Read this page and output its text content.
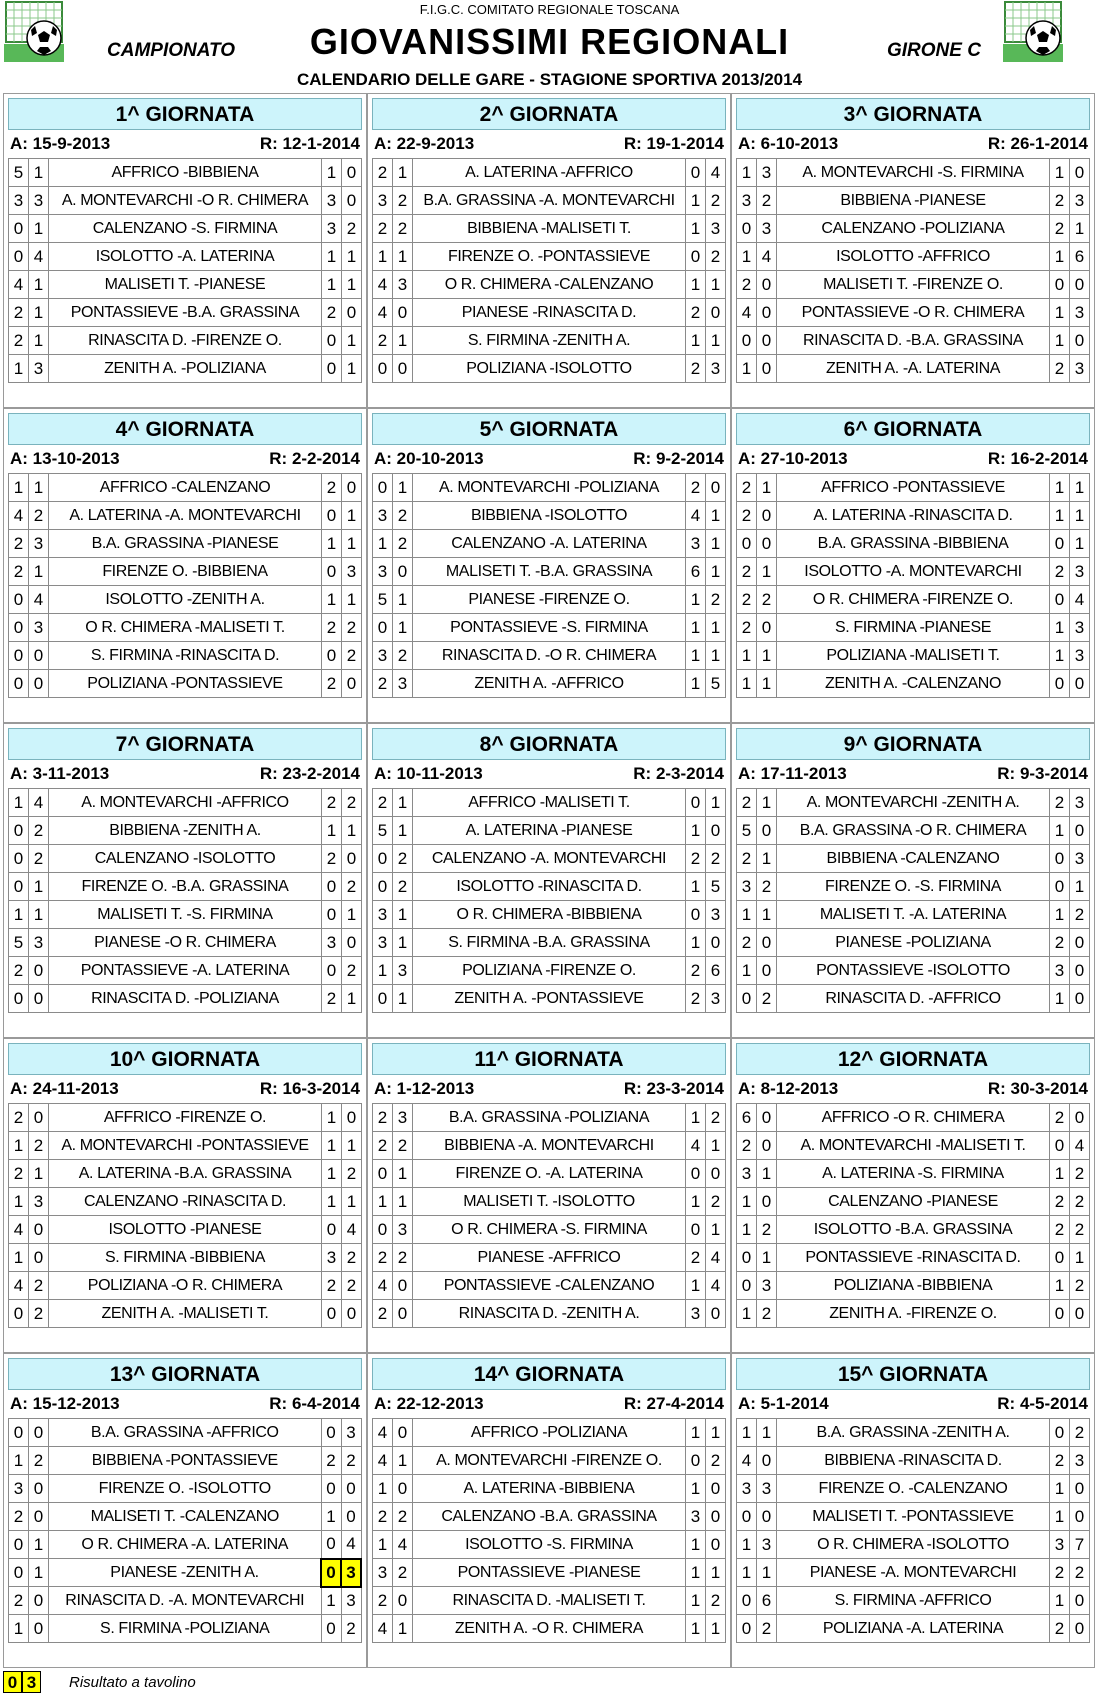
F.I.G.C. COMITATO REGIONALE TOSCANA
CAMPIONATO	GIOVANISSIMI REGIONALI	GIRONE C
CALENDARIO DELLE GARE - STAGIONE SPORTIVA 2013/2014
1^ GIORNATA
A: 15-9-2013	R: 12-1-2014
5	1	AFFRICO -BIBBIENA	1	0
3	3	A. MONTEVARCHI -O R. CHIMERA	3	0
0	1	CALENZANO -S. FIRMINA	3	2
0	4	ISOLOTTO -A. LATERINA	1	1
4	1	MALISETI T. -PIANESE	1	1
2	1	PONTASSIEVE -B.A. GRASSINA	2	0
2	1	RINASCITA D. -FIRENZE O.	0	1
1	3	ZENITH A. -POLIZIANA	0	1
2^ GIORNATA
A: 22-9-2013	R: 19-1-2014
2	1	A. LATERINA -AFFRICO	0	4
3	2	B.A. GRASSINA -A. MONTEVARCHI	1	2
2	2	BIBBIENA -MALISETI T.	1	3
1	1	FIRENZE O. -PONTASSIEVE	0	2
4	3	O R. CHIMERA -CALENZANO	1	1
4	0	PIANESE -RINASCITA D.	2	0
2	1	S. FIRMINA -ZENITH A.	1	1
0	0	POLIZIANA -ISOLOTTO	2	3
3^ GIORNATA
A: 6-10-2013	R: 26-1-2014
1	3	A. MONTEVARCHI -S. FIRMINA	1	0
3	2	BIBBIENA -PIANESE	2	3
0	3	CALENZANO -POLIZIANA	2	1
1	4	ISOLOTTO -AFFRICO	1	6
2	0	MALISETI T. -FIRENZE O.	0	0
4	0	PONTASSIEVE -O R. CHIMERA	1	3
0	0	RINASCITA D. -B.A. GRASSINA	1	0
1	0	ZENITH A. -A. LATERINA	2	3
4^ GIORNATA
A: 13-10-2013	R: 2-2-2014
1	1	AFFRICO -CALENZANO	2	0
4	2	A. LATERINA -A. MONTEVARCHI	0	1
2	3	B.A. GRASSINA -PIANESE	1	1
2	1	FIRENZE O. -BIBBIENA	0	3
0	4	ISOLOTTO -ZENITH A.	1	1
0	3	O R. CHIMERA -MALISETI T.	2	2
0	0	S. FIRMINA -RINASCITA D.	0	2
0	0	POLIZIANA -PONTASSIEVE	2	0
5^ GIORNATA
A: 20-10-2013	R: 9-2-2014
0	1	A. MONTEVARCHI -POLIZIANA	2	0
3	2	BIBBIENA -ISOLOTTO	4	1
1	2	CALENZANO -A. LATERINA	3	1
3	0	MALISETI T. -B.A. GRASSINA	6	1
5	1	PIANESE -FIRENZE O.	1	2
0	1	PONTASSIEVE -S. FIRMINA	1	1
3	2	RINASCITA D. -O R. CHIMERA	1	1
2	3	ZENITH A. -AFFRICO	1	5
6^ GIORNATA
A: 27-10-2013	R: 16-2-2014
2	1	AFFRICO -PONTASSIEVE	1	1
2	0	A. LATERINA -RINASCITA D.	1	1
0	0	B.A. GRASSINA -BIBBIENA	0	1
2	1	ISOLOTTO -A. MONTEVARCHI	2	3
2	2	O R. CHIMERA -FIRENZE O.	0	4
2	0	S. FIRMINA -PIANESE	1	3
1	1	POLIZIANA -MALISETI T.	1	3
1	1	ZENITH A. -CALENZANO	0	0
7^ GIORNATA
A: 3-11-2013	R: 23-2-2014
1	4	A. MONTEVARCHI -AFFRICO	2	2
0	2	BIBBIENA -ZENITH A.	1	1
0	2	CALENZANO -ISOLOTTO	2	0
0	1	FIRENZE O. -B.A. GRASSINA	0	2
1	1	MALISETI T. -S. FIRMINA	0	1
5	3	PIANESE -O R. CHIMERA	3	0
2	0	PONTASSIEVE -A. LATERINA	0	2
0	0	RINASCITA D. -POLIZIANA	2	1
8^ GIORNATA
A: 10-11-2013	R: 2-3-2014
2	1	AFFRICO -MALISETI T.	0	1
5	1	A. LATERINA -PIANESE	1	0
0	2	CALENZANO -A. MONTEVARCHI	2	2
0	2	ISOLOTTO -RINASCITA D.	1	5
3	1	O R. CHIMERA -BIBBIENA	0	3
3	1	S. FIRMINA -B.A. GRASSINA	1	0
1	3	POLIZIANA -FIRENZE O.	2	6
0	1	ZENITH A. -PONTASSIEVE	2	3
9^ GIORNATA
A: 17-11-2013	R: 9-3-2014
2	1	A. MONTEVARCHI -ZENITH A.	2	3
5	0	B.A. GRASSINA -O R. CHIMERA	1	0
2	1	BIBBIENA -CALENZANO	0	3
3	2	FIRENZE O. -S. FIRMINA	0	1
1	1	MALISETI T. -A. LATERINA	1	2
2	0	PIANESE -POLIZIANA	2	0
1	0	PONTASSIEVE -ISOLOTTO	3	0
0	2	RINASCITA D. -AFFRICO	1	0
10^ GIORNATA
A: 24-11-2013	R: 16-3-2014
2	0	AFFRICO -FIRENZE O.	1	0
1	2	A. MONTEVARCHI -PONTASSIEVE	1	1
2	1	A. LATERINA -B.A. GRASSINA	1	2
1	3	CALENZANO -RINASCITA D.	1	1
4	0	ISOLOTTO -PIANESE	0	4
1	0	S. FIRMINA -BIBBIENA	3	2
4	2	POLIZIANA -O R. CHIMERA	2	2
0	2	ZENITH A. -MALISETI T.	0	0
11^ GIORNATA
A: 1-12-2013	R: 23-3-2014
2	3	B.A. GRASSINA -POLIZIANA	1	2
2	2	BIBBIENA -A. MONTEVARCHI	4	1
0	1	FIRENZE O. -A. LATERINA	0	0
1	1	MALISETI T. -ISOLOTTO	1	2
0	3	O R. CHIMERA -S. FIRMINA	0	1
2	2	PIANESE -AFFRICO	2	4
4	0	PONTASSIEVE -CALENZANO	1	4
2	0	RINASCITA D. -ZENITH A.	3	0
12^ GIORNATA
A: 8-12-2013	R: 30-3-2014
6	0	AFFRICO -O R. CHIMERA	2	0
2	0	A. MONTEVARCHI -MALISETI T.	0	4
3	1	A. LATERINA -S. FIRMINA	1	2
1	0	CALENZANO -PIANESE	2	2
1	2	ISOLOTTO -B.A. GRASSINA	2	2
0	1	PONTASSIEVE -RINASCITA D.	0	1
0	3	POLIZIANA -BIBBIENA	1	2
1	2	ZENITH A. -FIRENZE O.	0	0
13^ GIORNATA
A: 15-12-2013	R: 6-4-2014
0	0	B.A. GRASSINA -AFFRICO	0	3
1	2	BIBBIENA -PONTASSIEVE	2	2
3	0	FIRENZE O. -ISOLOTTO	0	0
2	0	MALISETI T. -CALENZANO	1	0
0	1	O R. CHIMERA -A. LATERINA	0	4
0	1	PIANESE -ZENITH A.	0	3
2	0	RINASCITA D. -A. MONTEVARCHI	1	3
1	0	S. FIRMINA -POLIZIANA	0	2
14^ GIORNATA
A: 22-12-2013	R: 27-4-2014
4	0	AFFRICO -POLIZIANA	1	1
4	1	A. MONTEVARCHI -FIRENZE O.	0	2
1	0	A. LATERINA -BIBBIENA	1	0
2	2	CALENZANO -B.A. GRASSINA	3	0
1	4	ISOLOTTO -S. FIRMINA	1	0
3	2	PONTASSIEVE -PIANESE	1	1
2	0	RINASCITA D. -MALISETI T.	1	2
4	1	ZENITH A. -O R. CHIMERA	1	1
15^ GIORNATA
A: 5-1-2014	R: 4-5-2014
1	1	B.A. GRASSINA -ZENITH A.	0	2
4	0	BIBBIENA -RINASCITA D.	2	3
3	3	FIRENZE O. -CALENZANO	1	0
0	0	MALISETI T. -PONTASSIEVE	1	0
1	3	O R. CHIMERA -ISOLOTTO	3	7
1	1	PIANESE -A. MONTEVARCHI	2	2
0	6	S. FIRMINA -AFFRICO	1	0
0	2	POLIZIANA -A. LATERINA	2	0
0 3	Risultato a tavolino
